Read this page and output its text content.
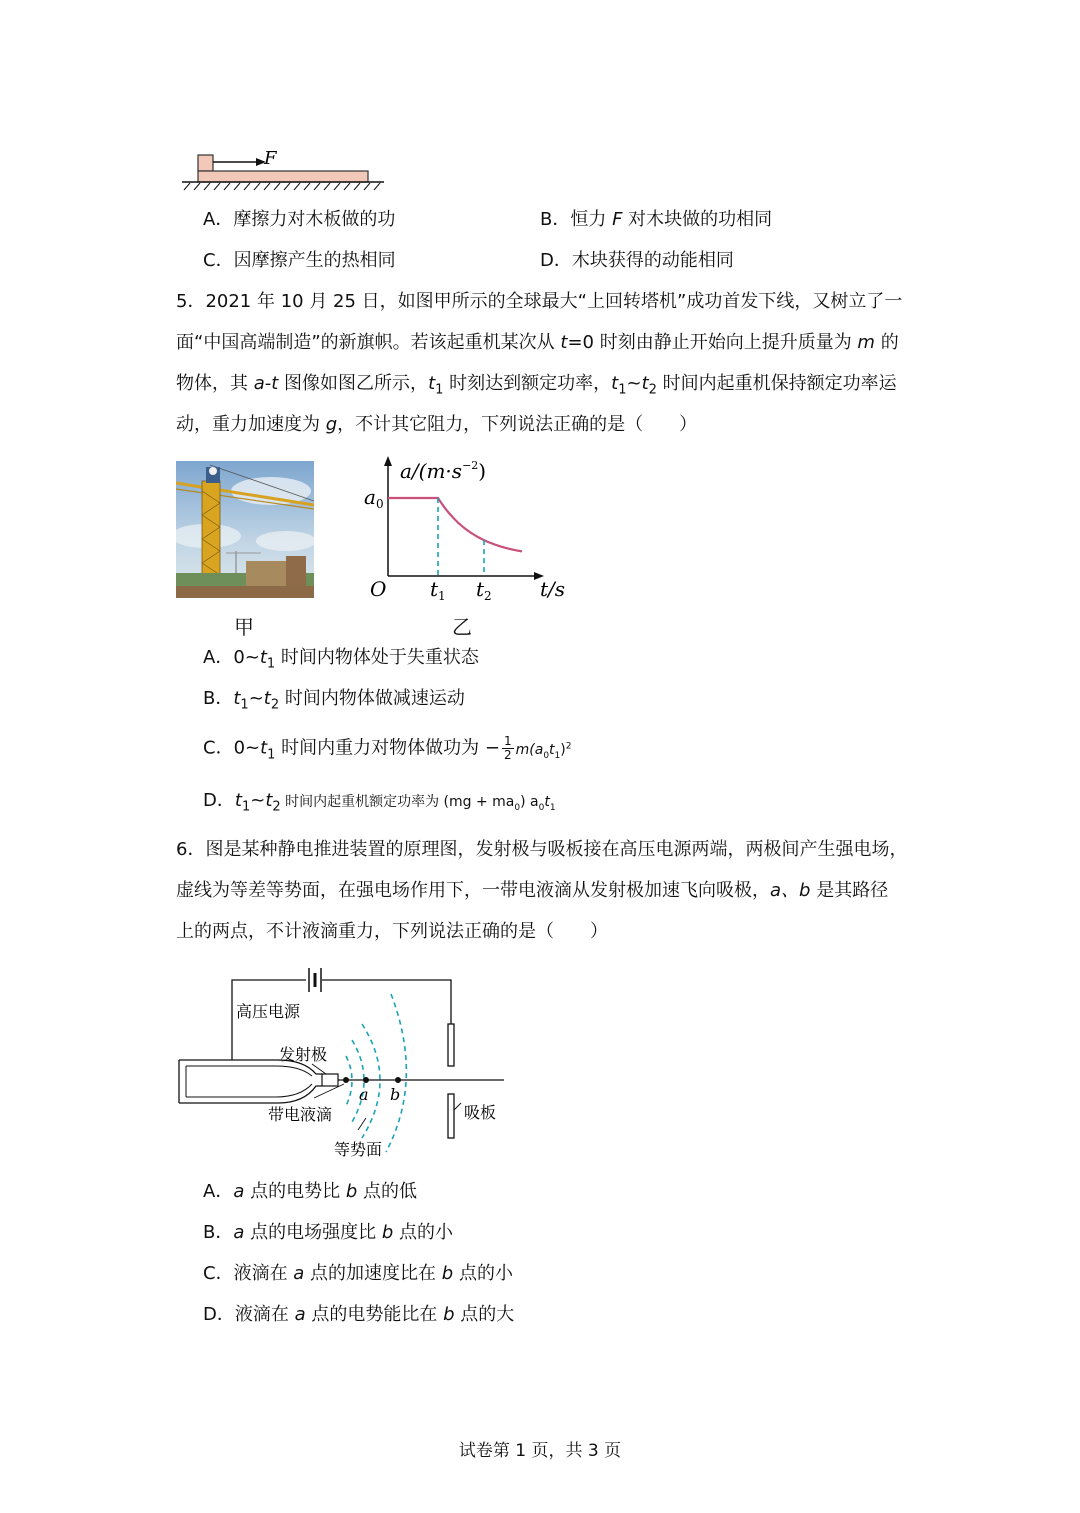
F
A．摩擦力对木板做的功	B．恒力 F 对木块做的功相同
C．因摩擦产生的热相同	D．木块获得的动能相同
5．2021 年 10 月 25 日，如图甲所示的全球最大“上回转塔机”成功首发下线，又树立了一
面“中国高端制造”的新旗帜。若该起重机某次从 t=0 时刻由静止开始向上提升质量为 m 的
物体，其 a-t 图像如图乙所示，$t_1$ 时刻达到额定功率，$t_1\sim t_2$ 时间内起重机保持额定功率运
动，重力加速度为 g，不计其它阻力，下列说法正确的是（　　）
甲
$a/(m\cdot s^{-2})$
$a_0$
O $t_1$ $t_2$ t/s
乙
A．$0\sim t_1$ 时间内物体处于失重状态
B．$t_1\sim t_2$ 时间内物体做减速运动
C．$0\sim t_1$ 时间内重力对物体做功为 − $\frac{1}{2} m(a_0t_1)^2$
D．$t_1\sim t_2$ 时间内起重机额定功率为 $(mg + ma_0)$ $a_0t_1$
6．图是某种静电推进装置的原理图，发射极与吸板接在高压电源两端，两极间产生强电场，
虚线为等差等势面，在强电场作用下，一带电液滴从发射极加速飞向吸极，a、b 是其路径
上的两点，不计液滴重力，下列说法正确的是（　　）
高压电源
发射极
带电液滴
等势面
吸板
a b
A．a 点的电势比 b 点的低
B．a 点的电场强度比 b 点的小
C．液滴在 a 点的加速度比在 b 点的小
D．液滴在 a 点的电势能比在 b 点的大
试卷第 1 页，共 3 页
